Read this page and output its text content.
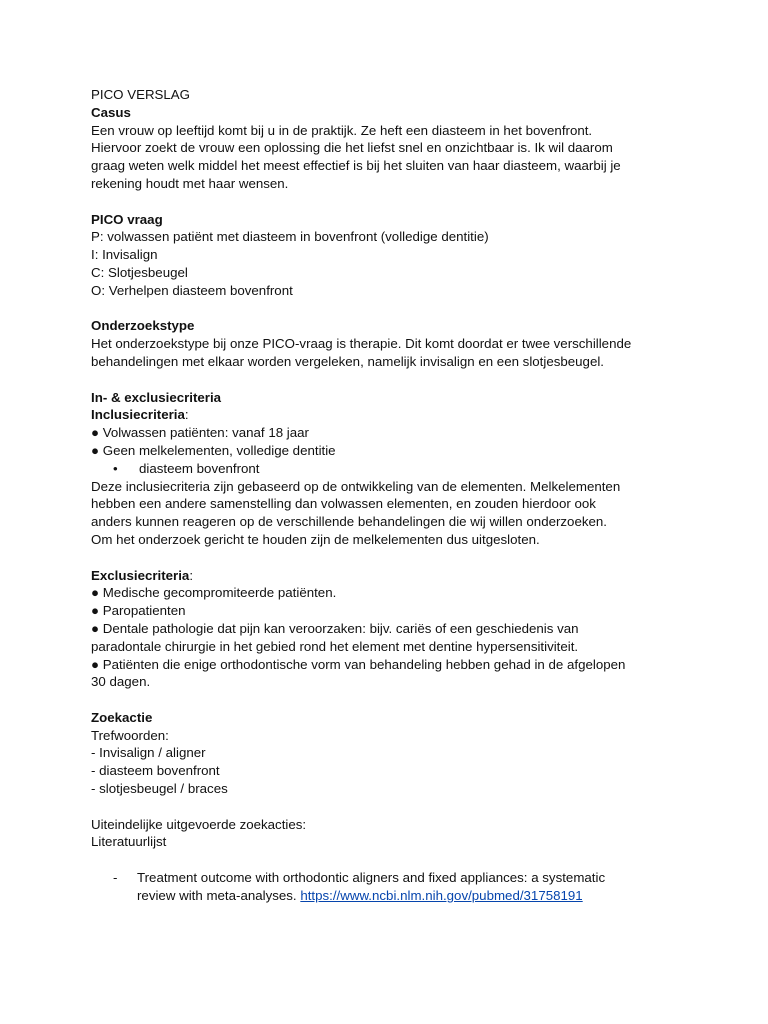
PICO VERSLAG
Casus
Een vrouw op leeftijd komt bij u in de praktijk. Ze heft een diasteem in het bovenfront.
Hiervoor zoekt de vrouw een oplossing die het liefst snel en onzichtbaar is. Ik wil daarom
graag weten welk middel het meest effectief is bij het sluiten van haar diasteem, waarbij je
rekening houdt met haar wensen.
PICO vraag
P: volwassen patiënt met diasteem in bovenfront (volledige dentitie)
I: Invisalign
C: Slotjesbeugel
O: Verhelpen diasteem bovenfront
Onderzoekstype
Het onderzoekstype bij onze PICO-vraag is therapie. Dit komt doordat er twee verschillende
behandelingen met elkaar worden vergeleken, namelijk invisalign en een slotjesbeugel.
In- & exclusiecriteria
Inclusiecriteria:
● Volwassen patiënten: vanaf 18 jaar
● Geen melkelementen, volledige dentitie
• diasteem bovenfront
Deze inclusiecriteria zijn gebaseerd op de ontwikkeling van de elementen. Melkelementen
hebben een andere samenstelling dan volwassen elementen, en zouden hierdoor ook
anders kunnen reageren op de verschillende behandelingen die wij willen onderzoeken.
Om het onderzoek gericht te houden zijn de melkelementen dus uitgesloten.
Exclusiecriteria:
● Medische gecompromiteerde patiënten.
● Paropatienten
● Dentale pathologie dat pijn kan veroorzaken: bijv. cariës of een geschiedenis van
paradontale chirurgie in het gebied rond het element met dentine hypersensitiviteit.
● Patiënten die enige orthodontische vorm van behandeling hebben gehad in de afgelopen
30 dagen.
Zoekactie
Trefwoorden:
- Invisalign / aligner
- diasteem bovenfront
- slotjesbeugel / braces
Uiteindelijke uitgevoerde zoekacties:
Literatuurlijst
- Treatment outcome with orthodontic aligners and fixed appliances: a systematic
review with meta-analyses. https://www.ncbi.nlm.nih.gov/pubmed/31758191
